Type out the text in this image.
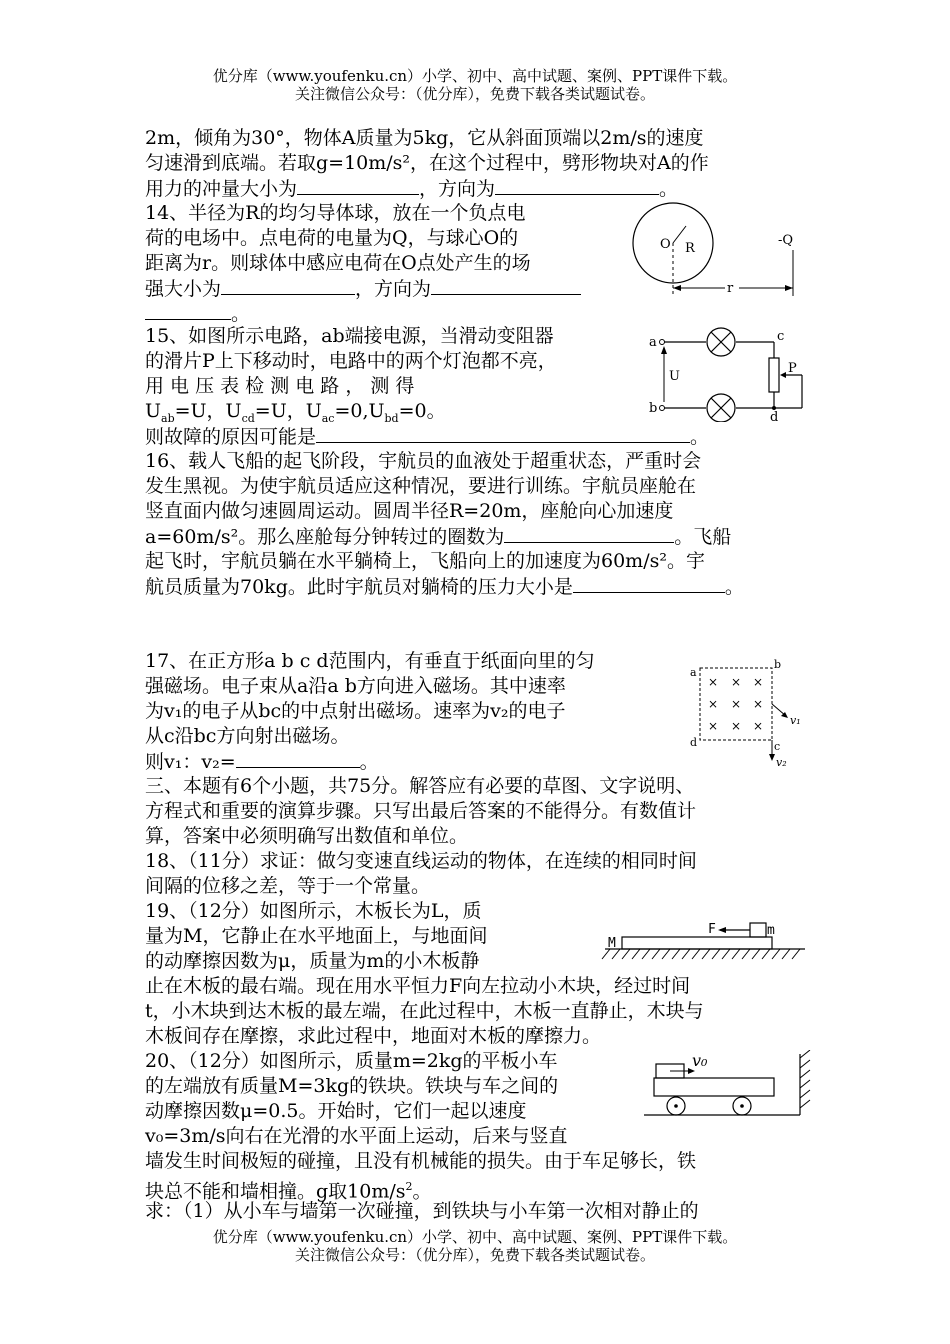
优分库（www.youfenku.cn）小学、初中、高中试题、案例、PPT课件下载。
关注微信公众号：（优分库），免费下载各类试题试卷。
2m，倾角为30°，物体A质量为5kg，它从斜面顶端以2m/s的速度
匀速滑到底端。若取g=10m/s²，在这个过程中，劈形物块对A的作
用力的冲量大小为	，方向为	。
14、半径为R的均匀导体球，放在一个负点电
荷的电场中。点电荷的电量为Q，与球心O的
距离为r。则球体中感应电荷在O点处产生的场
强大小为	，方向为
。
O R
-Q
r
15、如图所示电路，ab端接电源，当滑动变阻器
的滑片P上下移动时，电路中的两个灯泡都不亮，
用 电 压 表 检 测 电 路 ， 测 得
$U_{ab}=U$，$U_{cd}=U$，$U_{ac}=0,U_{bd}=0$。
则故障的原因可能是	。
a
b
c
d
U
P
16、载人飞船的起飞阶段，宇航员的血液处于超重状态，严重时会
发生黑视。为使宇航员适应这种情况，要进行训练。宇航员座舱在
竖直面内做匀速圆周运动。圆周半径R=20m，座舱向心加速度
a=60m/s²。那么座舱每分钟转过的圈数为	。飞船
起飞时，宇航员躺在水平躺椅上，飞船向上的加速度为60m/s²。宇
航员质量为70kg。此时宇航员对躺椅的压力大小是	。
17、在正方形a b c d范围内，有垂直于纸面向里的匀
强磁场。电子束从a沿a b方向进入磁场。其中速率
为v₁的电子从bc的中点射出磁场。速率为v₂的电子
从c沿bc方向射出磁场。
则v₁：v₂=	。
× × ×
× × ×
× × ×
a
b
c
d
v₁
v₂
三、本题有6个小题，共75分。解答应有必要的草图、文字说明、
方程式和重要的演算步骤。只写出最后答案的不能得分。有数值计
算，答案中必须明确写出数值和单位。
18、（11分）求证：做匀变速直线运动的物体，在连续的相同时间
间隔的位移之差，等于一个常量。
19、（12分）如图所示，木板长为L，质
量为M，它静止在水平地面上，与地面间
的动摩擦因数为μ，质量为m的小木板静
止在木板的最右端。现在用水平恒力F向左拉动小木块，经过时间
t，小木块到达木板的最左端，在此过程中，木板一直静止，木块与
木板间存在摩擦，求此过程中，地面对木板的摩擦力。
M
F	m
20、（12分）如图所示，质量m=2kg的平板小车
的左端放有质量M=3kg的铁块。铁块与车之间的
动摩擦因数μ=0.5。开始时，它们一起以速度
v₀=3m/s向右在光滑的水平面上运动，后来与竖直
墙发生时间极短的碰撞，且没有机械能的损失。由于车足够长，铁
块总不能和墙相撞。g取$10m/s^2$。
求：（1）从小车与墙第一次碰撞，到铁块与小车第一次相对静止的
v₀
优分库（www.youfenku.cn）小学、初中、高中试题、案例、PPT课件下载。
关注微信公众号：（优分库），免费下载各类试题试卷。
